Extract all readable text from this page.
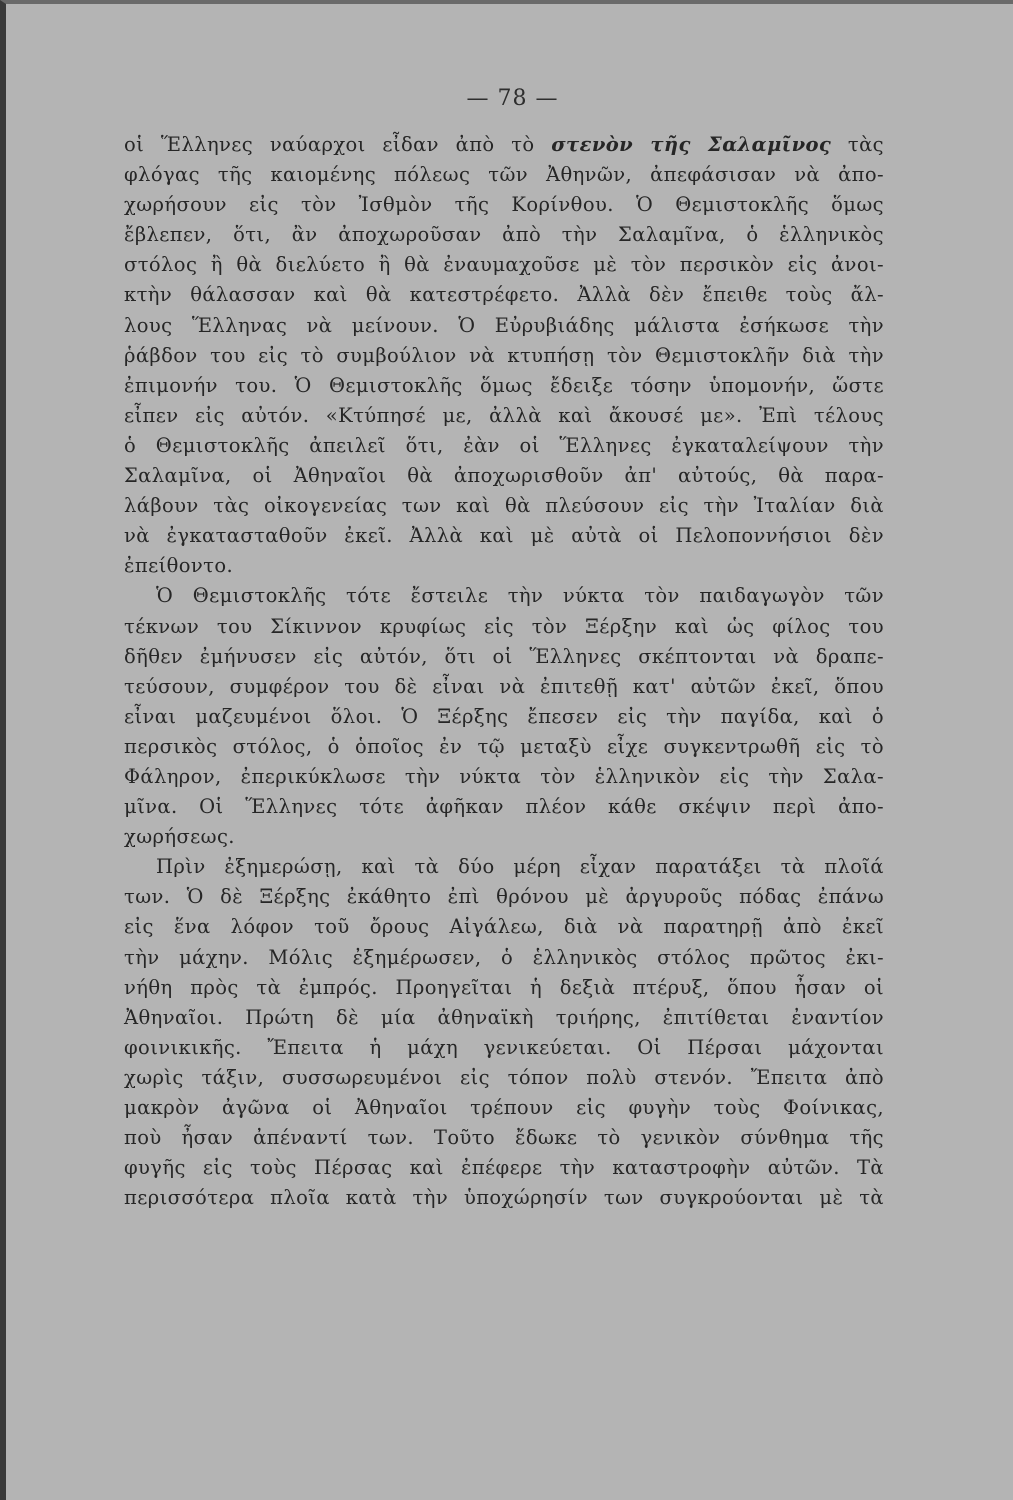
— 78 —
οἱ Ἕλληνες ναύαρχοι εἶδαν ἀπὸ τὸ στενὸν τῆς Σαλαμῖνος τὰς
φλόγας τῆς καιομένης πόλεως τῶν Ἀθηνῶν, ἀπεφάσισαν νὰ ἀπο-
χωρήσουν εἰς τὸν Ἰσθμὸν τῆς Κορίνθου. Ὁ Θεμιστοκλῆς ὅμως
ἔβλεπεν, ὅτι, ἂν ἀποχωροῦσαν ἀπὸ τὴν Σαλαμῖνα, ὁ ἑλληνικὸς
στόλος ἢ θὰ διελύετο ἢ θὰ ἐναυμαχοῦσε μὲ τὸν περσικὸν εἰς ἀνοι-
κτὴν θάλασσαν καὶ θὰ κατεστρέφετο. Ἀλλὰ δὲν ἔπειθε τοὺς ἄλ-
λους Ἕλληνας νὰ μείνουν. Ὁ Εὐρυβιάδης μάλιστα ἐσήκωσε τὴν
ῥάβδον του εἰς τὸ συμβούλιον νὰ κτυπήσῃ τὸν Θεμιστοκλῆν διὰ τὴν
ἐπιμονήν του. Ὁ Θεμιστοκλῆς ὅμως ἔδειξε τόσην ὑπομονήν, ὥστε
εἶπεν εἰς αὐτόν. «Κτύπησέ με, ἀλλὰ καὶ ἄκουσέ με». Ἐπὶ τέλους
ὁ Θεμιστοκλῆς ἀπειλεῖ ὅτι, ἐὰν οἱ Ἕλληνες ἐγκαταλείψουν τὴν
Σαλαμῖνα, οἱ Ἀθηναῖοι θὰ ἀποχωρισθοῦν ἀπ' αὐτούς, θὰ παρα-
λάβουν τὰς οἰκογενείας των καὶ θὰ πλεύσουν εἰς τὴν Ἰταλίαν διὰ
νὰ ἐγκατασταθοῦν ἐκεῖ. Ἀλλὰ καὶ μὲ αὐτὰ οἱ Πελοποννήσιοι δὲν
ἐπείθοντο.
Ὁ Θεμιστοκλῆς τότε ἔστειλε τὴν νύκτα τὸν παιδαγωγὸν τῶν
τέκνων του Σίκιννον κρυφίως εἰς τὸν Ξέρξην καὶ ὡς φίλος του
δῆθεν ἐμήνυσεν εἰς αὐτόν, ὅτι οἱ Ἕλληνες σκέπτονται νὰ δραπε-
τεύσουν, συμφέρον του δὲ εἶναι νὰ ἐπιτεθῇ κατ' αὐτῶν ἐκεῖ, ὅπου
εἶναι μαζευμένοι ὅλοι. Ὁ Ξέρξης ἔπεσεν εἰς τὴν παγίδα, καὶ ὁ
περσικὸς στόλος, ὁ ὁποῖος ἐν τῷ μεταξὺ εἶχε συγκεντρωθῆ εἰς τὸ
Φάληρον, ἐπερικύκλωσε τὴν νύκτα τὸν ἑλληνικὸν εἰς τὴν Σαλα-
μῖνα. Οἱ Ἕλληνες τότε ἀφῆκαν πλέον κάθε σκέψιν περὶ ἀπο-
χωρήσεως.
Πρὶν ἐξημερώσῃ, καὶ τὰ δύο μέρη εἶχαν παρατάξει τὰ πλοῖά
των. Ὁ δὲ Ξέρξης ἐκάθητο ἐπὶ θρόνου μὲ ἀργυροῦς πόδας ἐπάνω
εἰς ἕνα λόφον τοῦ ὄρους Αἰγάλεω, διὰ νὰ παρατηρῇ ἀπὸ ἐκεῖ
τὴν μάχην. Μόλις ἐξημέρωσεν, ὁ ἑλληνικὸς στόλος πρῶτος ἐκι-
νήθη πρὸς τὰ ἐμπρός. Προηγεῖται ἡ δεξιὰ πτέρυξ, ὅπου ἦσαν οἱ
Ἀθηναῖοι. Πρώτη δὲ μία ἀθηναϊκὴ τριήρης, ἐπιτίθεται ἐναντίον
φοινικικῆς. Ἔπειτα ἡ μάχη γενικεύεται. Οἱ Πέρσαι μάχονται
χωρὶς τάξιν, συσσωρευμένοι εἰς τόπον πολὺ στενόν. Ἔπειτα ἀπὸ
μακρὸν ἀγῶνα οἱ Ἀθηναῖοι τρέπουν εἰς φυγὴν τοὺς Φοίνικας,
ποὺ ἦσαν ἀπέναντί των. Τοῦτο ἔδωκε τὸ γενικὸν σύνθημα τῆς
φυγῆς εἰς τοὺς Πέρσας καὶ ἐπέφερε τὴν καταστροφὴν αὐτῶν. Τὰ
περισσότερα πλοῖα κατὰ τὴν ὑποχώρησίν των συγκρούονται μὲ τὰ
